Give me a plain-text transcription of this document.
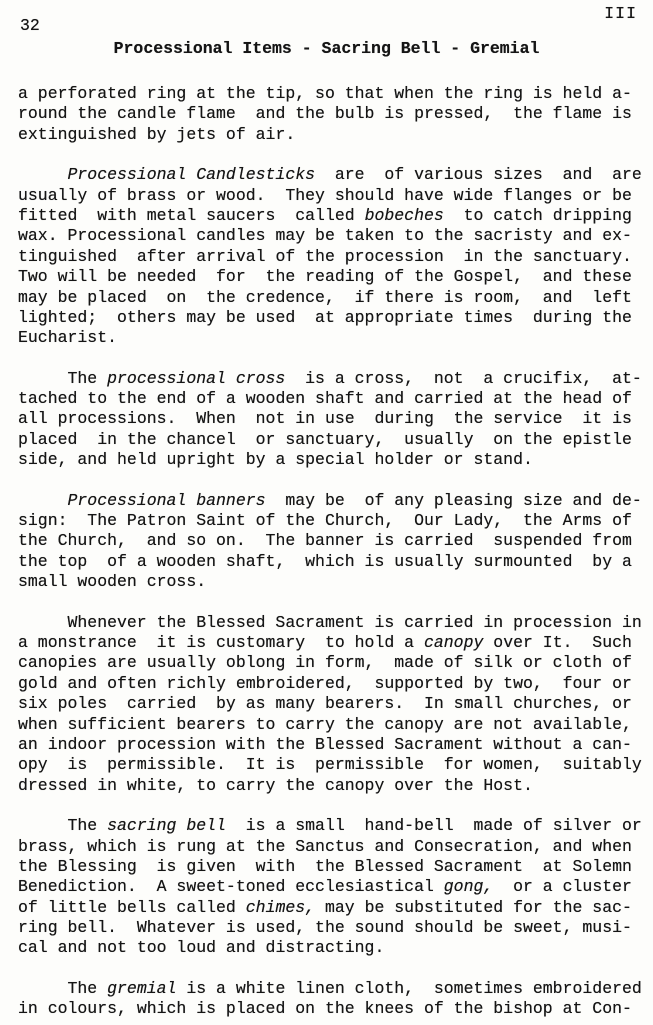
32
III
Processional Items - Sacring Bell - Gremial

a perforated ring at the tip, so that when the ring is held a-
round the candle flame  and the bulb is pressed,  the flame is
extinguished by jets of air.

Processional Candlesticks  are  of various sizes  and  are
usually of brass or wood.  They should have wide flanges or be
fitted  with metal saucers  called bobeches  to catch dripping
wax. Processional candles may be taken to the sacristy and ex-
tinguished  after arrival of the procession  in the sanctuary.
Two will be needed  for  the reading of the Gospel,  and these
may be placed  on  the credence,  if there is room,  and  left
lighted;  others may be used  at appropriate times  during the
Eucharist.

The processional cross  is a cross,  not  a crucifix,  at-
tached to the end of a wooden shaft and carried at the head of
all processions.  When  not in use  during  the service  it is
placed  in the chancel  or sanctuary,  usually  on the epistle
side, and held upright by a special holder or stand.

Processional banners  may be  of any pleasing size and de-
sign:  The Patron Saint of the Church,  Our Lady,  the Arms of
the Church,  and so on.  The banner is carried  suspended from
the top  of a wooden shaft,  which is usually surmounted  by a
small wooden cross.

Whenever the Blessed Sacrament is carried in procession in
a monstrance  it is customary  to hold a canopy over It.  Such
canopies are usually oblong in form,  made of silk or cloth of
gold and often richly embroidered,  supported by two,  four or
six poles  carried  by as many bearers.  In small churches, or
when sufficient bearers to carry the canopy are not available,
an indoor procession with the Blessed Sacrament without a can-
opy  is  permissible.  It is  permissible  for women,  suitably
dressed in white, to carry the canopy over the Host.

The sacring bell  is a small  hand-bell  made of silver or
brass, which is rung at the Sanctus and Consecration, and when
the Blessing  is given  with  the Blessed Sacrament  at Solemn
Benediction.  A sweet-toned ecclesiastical gong,  or a cluster
of little bells called chimes, may be substituted for the sac-
ring bell.  Whatever is used, the sound should be sweet, musi-
cal and not too loud and distracting.

The gremial is a white linen cloth,  sometimes embroidered
in colours, which is placed on the knees of the bishop at Con-
